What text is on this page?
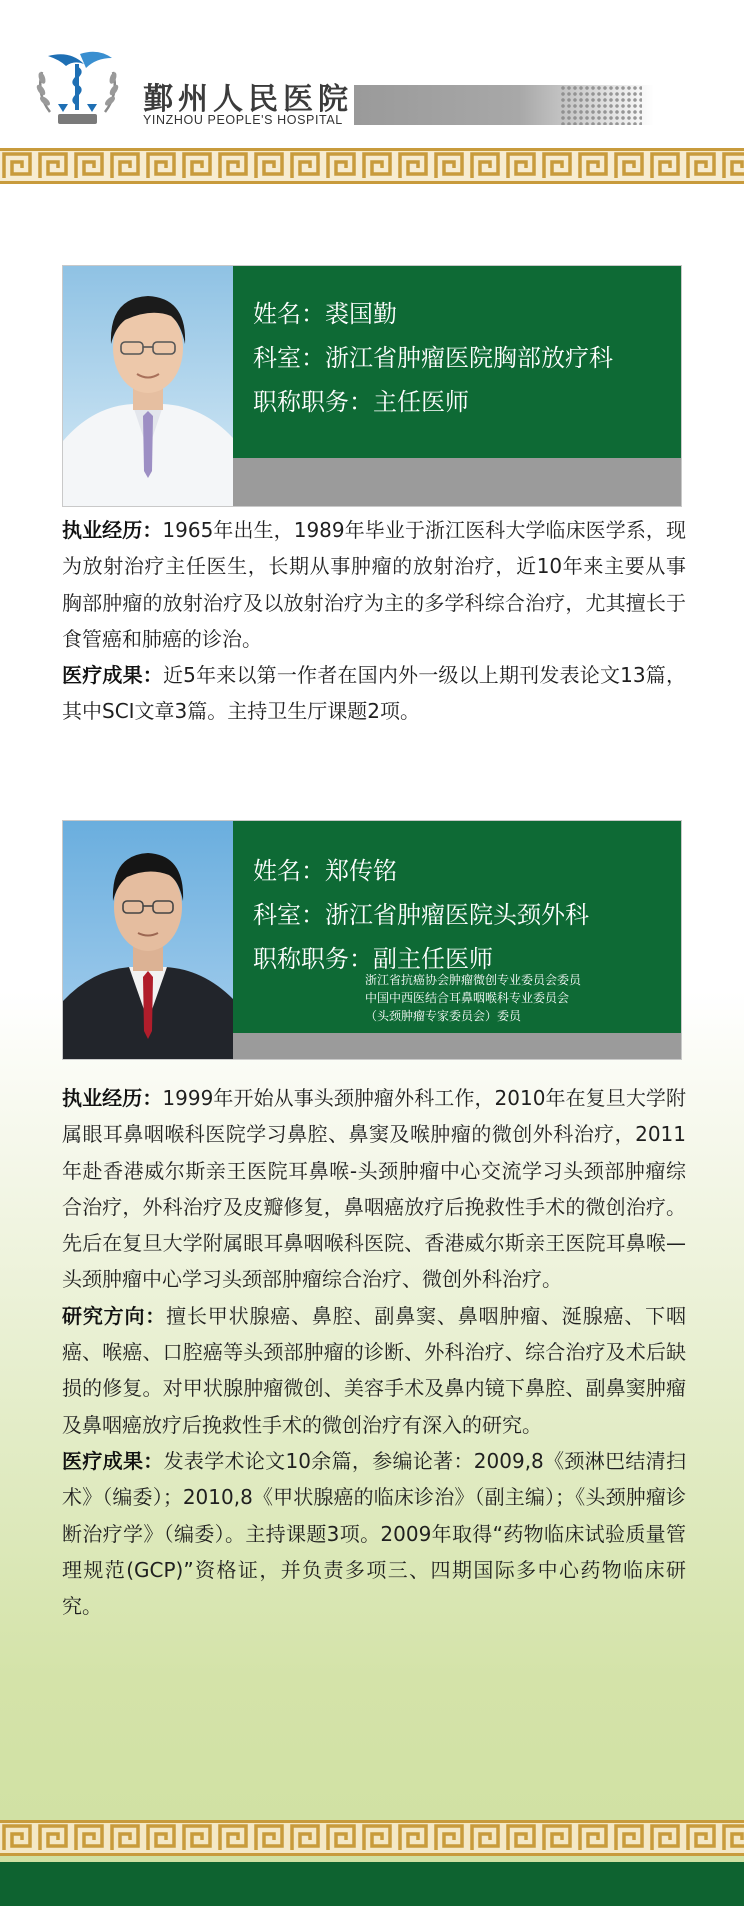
鄞州人民医院
YINZHOU PEOPLE'S HOSPITAL
姓名：裘国勤
科室：浙江省肿瘤医院胸部放疗科
职称职务：主任医师

执业经历：1965年出生，1989年毕业于浙江医科大学临床医学系，现为放射治疗主任医生，长期从事肿瘤的放射治疗，近10年来主要从事胸部肿瘤的放射治疗及以放射治疗为主的多学科综合治疗，尤其擅长于食管癌和肺癌的诊治。

医疗成果：近5年来以第一作者在国内外一级以上期刊发表论文13篇，其中SCI文章3篇。主持卫生厅课题2项。

姓名：郑传铭
科室：浙江省肿瘤医院头颈外科
职称职务：副主任医师
浙江省抗癌协会肿瘤微创专业委员会委员
中国中西医结合耳鼻咽喉科专业委员会
（头颈肿瘤专家委员会）委员

执业经历：1999年开始从事头颈肿瘤外科工作，2010年在复旦大学附属眼耳鼻咽喉科医院学习鼻腔、鼻窦及喉肿瘤的微创外科治疗，2011年赴香港威尔斯亲王医院耳鼻喉-头颈肿瘤中心交流学习头颈部肿瘤综合治疗，外科治疗及皮瓣修复，鼻咽癌放疗后挽救性手术的微创治疗。先后在复旦大学附属眼耳鼻咽喉科医院、香港威尔斯亲王医院耳鼻喉—头颈肿瘤中心学习头颈部肿瘤综合治疗、微创外科治疗。

研究方向：擅长甲状腺癌、鼻腔、副鼻窦、鼻咽肿瘤、涎腺癌、下咽癌、喉癌、口腔癌等头颈部肿瘤的诊断、外科治疗、综合治疗及术后缺损的修复。对甲状腺肿瘤微创、美容手术及鼻内镜下鼻腔、副鼻窦肿瘤及鼻咽癌放疗后挽救性手术的微创治疗有深入的研究。

医疗成果：发表学术论文10余篇，参编论著：2009,8《颈淋巴结清扫术》（编委）；2010,8《甲状腺癌的临床诊治》（副主编）；《头颈肿瘤诊断治疗学》（编委）。主持课题3项。2009年取得“药物临床试验质量管理规范(GCP)”资格证，并负责多项三、四期国际多中心药物临床研究。
